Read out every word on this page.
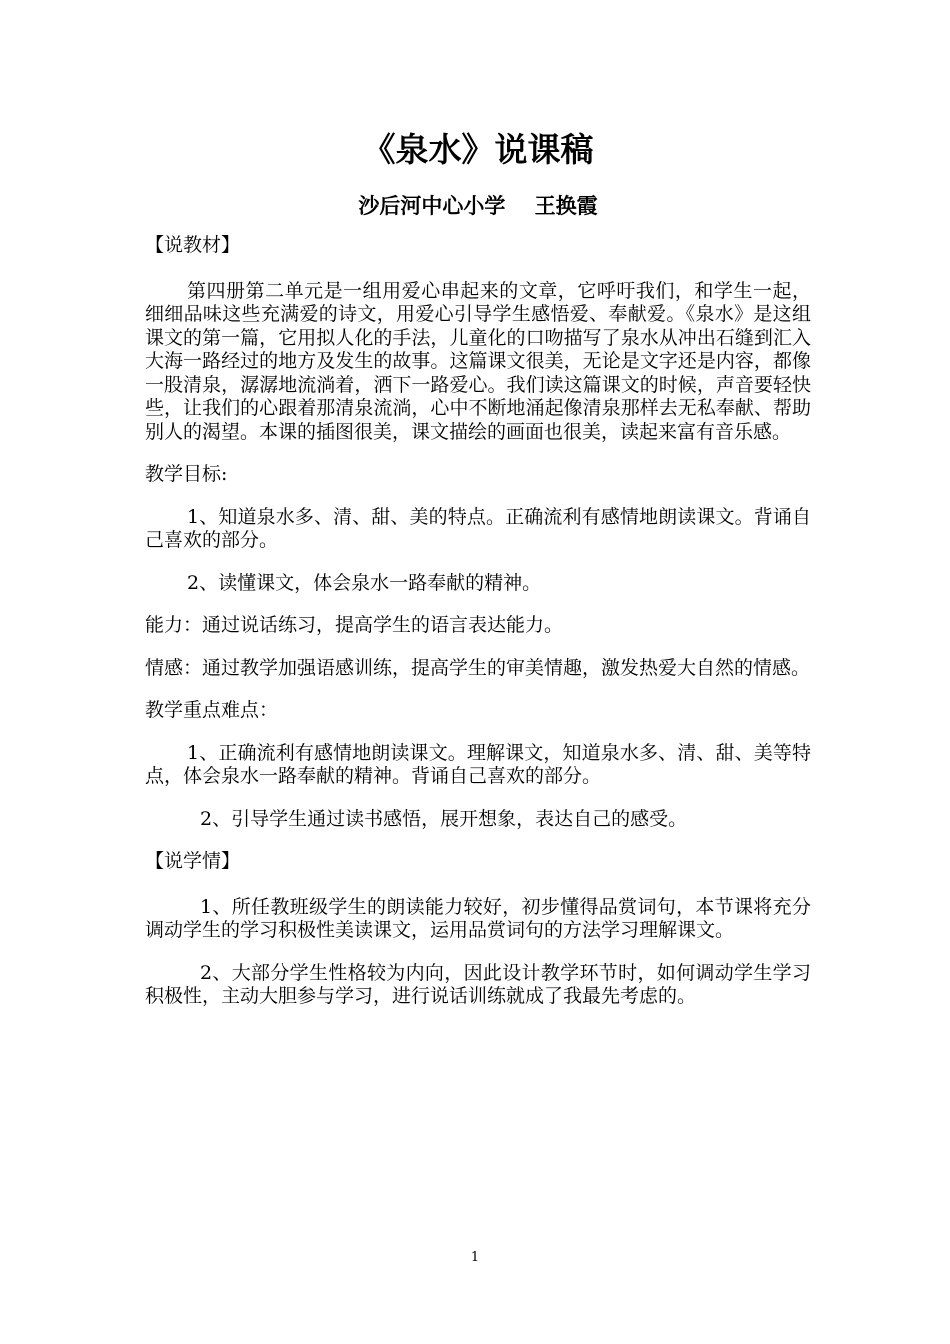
《泉水》说课稿
沙后河中心小学    王换霞

【说教材】

第四册第二单元是一组用爱心串起来的文章，它呼吁我们，和学生一起，细细品味这些充满爱的诗文，用爱心引导学生感悟爱、奉献爱。《泉水》是这组课文的第一篇，它用拟人化的手法，儿童化的口吻描写了泉水从冲出石缝到汇入大海一路经过的地方及发生的故事。这篇课文很美，无论是文字还是内容，都像一股清泉，潺潺地流淌着，洒下一路爱心。我们读这篇课文的时候，声音要轻快些，让我们的心跟着那清泉流淌，心中不断地涌起像清泉那样去无私奉献、帮助别人的渴望。本课的插图很美，课文描绘的画面也很美，读起来富有音乐感。

教学目标:

1、知道泉水多、清、甜、美的特点。正确流利有感情地朗读课文。背诵自己喜欢的部分。

2、读懂课文，体会泉水一路奉献的精神。

能力：通过说话练习，提高学生的语言表达能力。

情感：通过教学加强语感训练，提高学生的审美情趣，激发热爱大自然的情感。

教学重点难点：

1、正确流利有感情地朗读课文。理解课文，知道泉水多、清、甜、美等特点，体会泉水一路奉献的精神。背诵自己喜欢的部分。

2、引导学生通过读书感悟，展开想象，表达自己的感受。

【说学情】

1、所任教班级学生的朗读能力较好，初步懂得品赏词句，本节课将充分调动学生的学习积极性美读课文，运用品赏词句的方法学习理解课文。

2、大部分学生性格较为内向，因此设计教学环节时，如何调动学生学习积极性，主动大胆参与学习，进行说话训练就成了我最先考虑的。

1
